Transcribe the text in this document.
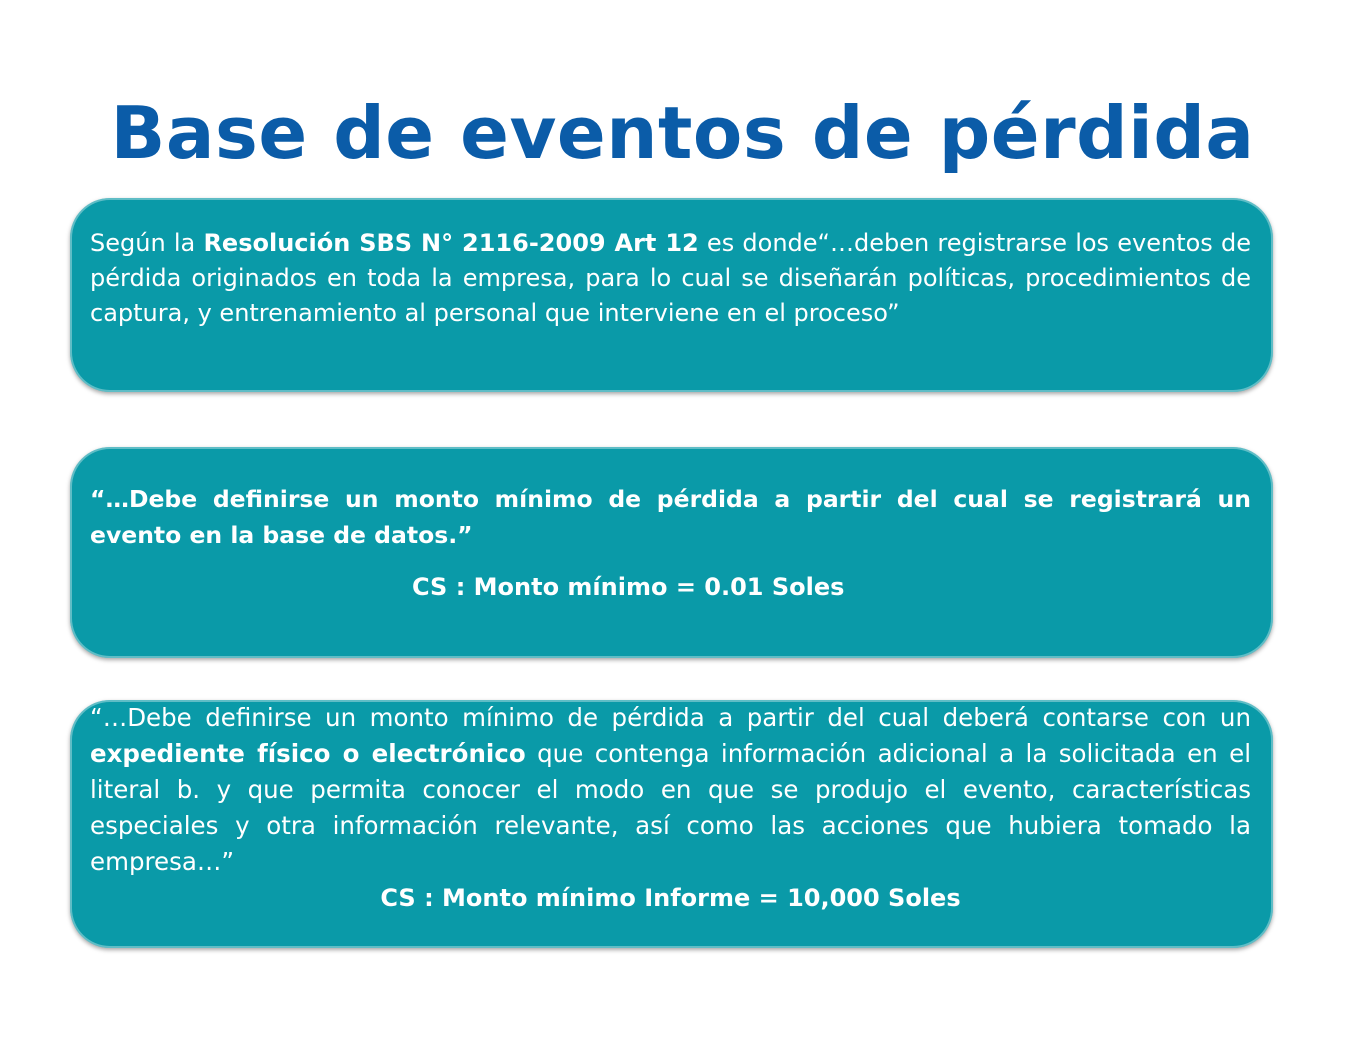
Base de eventos de pérdida
Según la Resolución SBS N° 2116-2009 Art 12 es donde“…deben registrarse los eventos de pérdida originados en toda la empresa, para lo cual se diseñarán políticas, procedimientos de captura, y entrenamiento al personal que interviene en el proceso”
“…Debe definirse un monto mínimo de pérdida a partir del cual se registrará un evento en la base de datos.”
CS : Monto mínimo = 0.01 Soles
“…Debe definirse un monto mínimo de pérdida a partir del cual deberá contarse con un expediente físico o electrónico que contenga información adicional a la solicitada en el literal b. y que permita conocer el modo en que se produjo el evento, características especiales y otra información relevante, así como las acciones que hubiera tomado la empresa…”
CS : Monto mínimo Informe = 10,000 Soles
